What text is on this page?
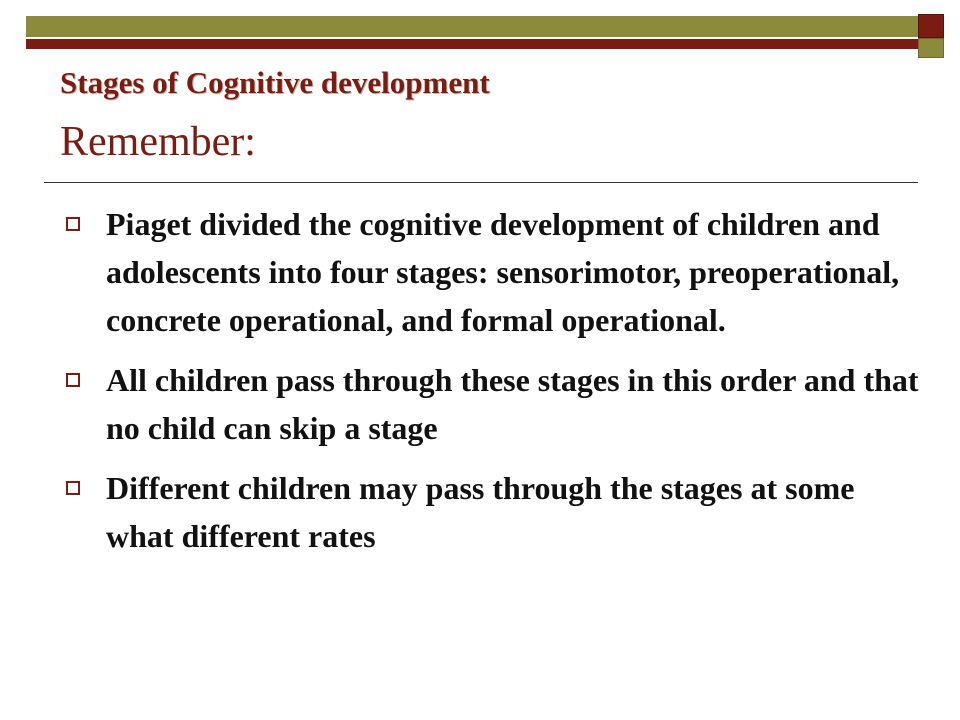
Stages of Cognitive development
Remember:
Piaget divided the cognitive development of children and adolescents into four stages: sensorimotor, preoperational, concrete operational, and formal operational.
All children pass through these stages in this order and that no child can skip a stage
Different children may pass through the stages at some what different rates
